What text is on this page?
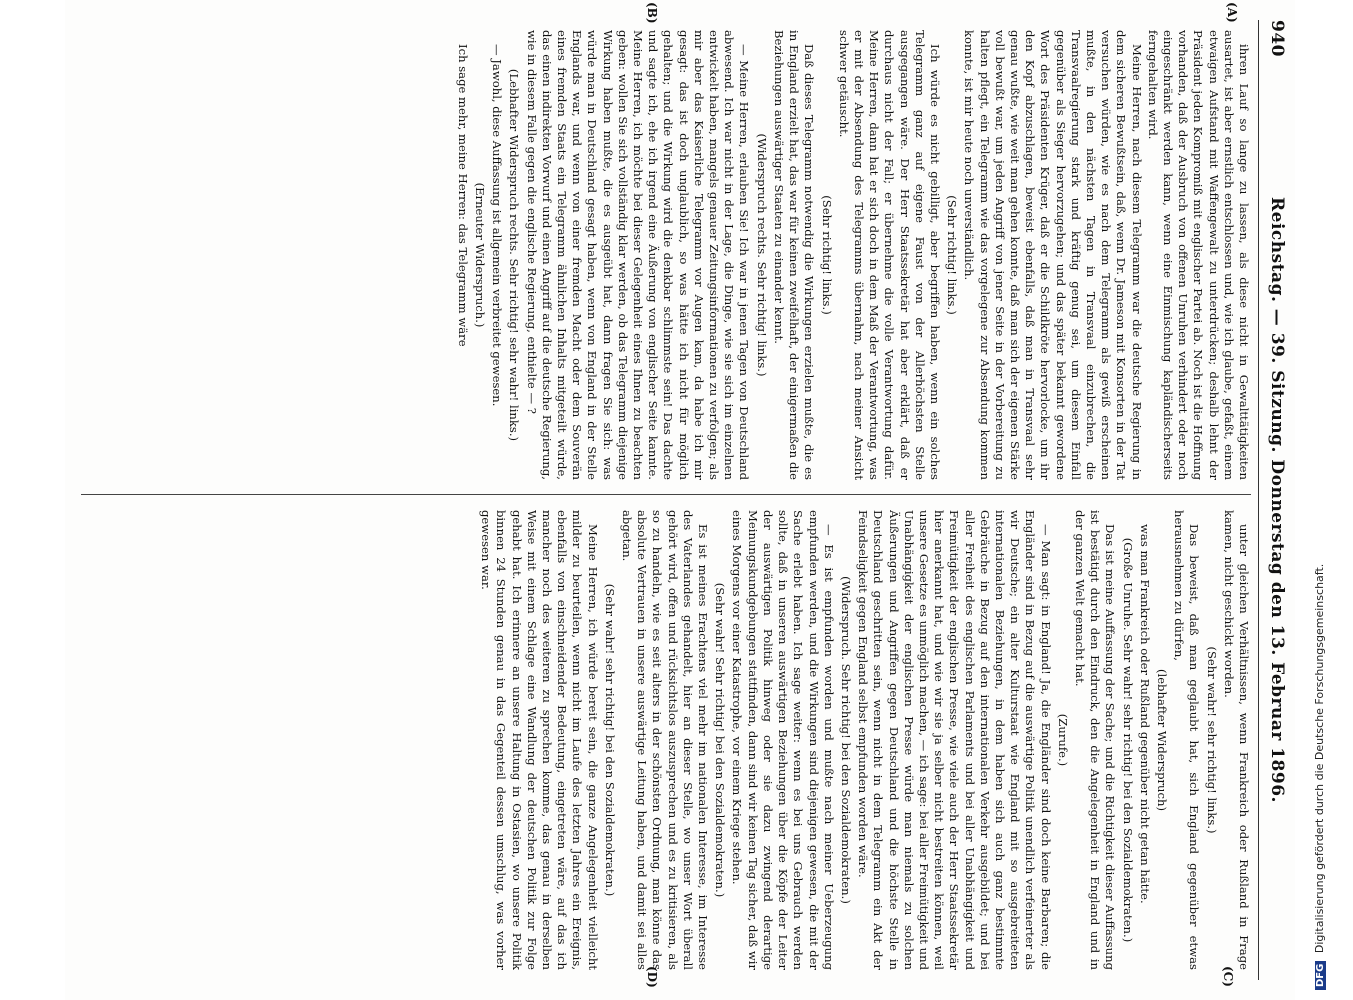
940
Reichstag. — 39. Sitzung. Donnerstag den 13. Februar 1896.
(A)
(B)
(C)
(D)

ihren Lauf so lange zu lassen, als diese nicht in Gewalttätigkeiten ausartet, ist aber ernstlich entschlossen und, wie ich glaube, gefaßt, einem etwaigen Aufstand mit Waffengewalt zu unterdrücken; deshalb lehnt der Präsident jeden Kompromiß mit englischer Partei ab. Noch ist die Hoffnung vorhanden, daß der Ausbruch von offenen Unruhen verhindert oder noch eingeschränkt werden kann, wenn eine Einmischung kapländischerseits ferngehalten wird.

Meine Herren, nach diesem Telegramm war die deutsche Regierung in dem sicheren Bewußtsein, daß, wenn Dr. Jameson mit Konsorten in der Tat versuchen würden, wie es nach dem Telegramm als gewiß erscheinen mußte, in den nächsten Tagen in Transvaal einzubrechen, die Transvaalregierung stark und kräftig genug sei, um diesem Einfall gegenüber als Sieger hervorzugehen; und das später bekannt gewordene Wort des Präsidenten Krüger, daß er die Schildkröte hervorlocke, um ihr den Kopf abzuschlagen, beweist ebenfalls, daß man in Transvaal sehr genau wußte, wie weit man gehen konnte, daß man sich der eigenen Stärke voll bewußt war, um jeden Angriff von jener Seite in der Vorbereitung zu halten pflegt, ein Telegramm wie das vorgelegene zur Absendung kommen konnte, ist mir heute noch unverständlich.

(Sehr richtig! links.)

Ich würde es nicht gebilligt, aber begriffen haben, wenn ein solches Telegramm ganz auf eigene Faust von der Allerhöchsten Stelle ausgegangen wäre. Der Herr Staatssekretär hat aber erklärt, daß er durchaus nicht der Fall; er übernehme die volle Verantwortung dafür. Meine Herren, dann hat er sich doch in dem Maß der Verantwortung, was er mit der Absendung des Telegramms übernahm, nach meiner Ansicht schwer getäuscht.

(Sehr richtig! links.)

Daß dieses Telegramm notwendig die Wirkungen erzielen mußte, die es in England erzielt hat, das war für keinen zweifelhaft, der einigermaßen die Beziehungen auswärtiger Staaten zu einander kennt.

(Widerspruch rechts. Sehr richtig! links.)

— Meine Herren, erlauben Sie! Ich war in jenen Tagen von Deutschland abwesend. Ich war nicht in der Lage, die Dinge, wie sie sich im einzelnen entwickelt haben, mangels genauer Zeitungsinformationen zu verfolgen; als mir aber das Kaiserliche Telegramm vor Augen kam, da habe ich mir gesagt: das ist doch unglaublich, so was hätte ich nicht für möglich gehalten; und die Wirkung wird die denkbar schlimmste sein! Das dachte und sagte ich, ehe ich irgend eine Äußerung von englischer Seite kannte. Meine Herren, ich möchte bei dieser Gelegenheit eines Ihnen zu beachten geben: wollen Sie sich vollständig klar werden, ob das Telegramm diejenige Wirkung haben mußte, die es ausgeübt hat, dann fragen Sie sich: was würde man in Deutschland gesagt haben, wenn von England in der Stelle Englands war, und wenn von einer fremden Macht oder dem Souverän eines fremden Staats ein Telegramm ähnlichen Inhalts mitgeteilt würde, das einen indirekten Vorwurf und einen Angriff auf die deutsche Regierung, wie in diesem Falle gegen die englische Regierung, enthielte — ?

(Lebhafter Widerspruch rechts. Sehr richtig! sehr wahr! links.)

— Jawohl, diese Auffassung ist allgemein verbreitet gewesen.

(Erneuter Widerspruch.)

Ich sage mehr, meine Herren: das Telegramm wäre

unter gleichen Verhältnissen, wenn Frankreich oder Rußland in Frage kamen, nicht geschickt worden.

(Sehr wahr! sehr richtig! links.)

Das beweist, daß man geglaubt hat, sich England gegenüber etwas herausnehmen zu dürfen,

(lebhafter Widerspruch)

was man Frankreich oder Rußland gegenüber nicht getan hätte.

(Große Unruhe. Sehr wahr! sehr richtig! bei den Sozialdemokraten.)

Das ist meine Auffassung der Sache; und die Richtigkeit dieser Auffassung ist bestätigt durch den Eindruck, den die Angelegenheit in England und in der ganzen Welt gemacht hat.

(Zurufe.)

— Man sagt: in England! Ja, die Engländer sind doch keine Barbaren; die Engländer sind in Bezug auf die auswärtige Politik unendlich verfeinerter als wir Deutsche; ein alter Kulturstaat wie England mit so ausgebreiteten internationalen Beziehungen, in dem haben sich auch ganz bestimmte Gebräuche in Bezug auf den internationalen Verkehr ausgebildet; und bei aller Freiheit des englischen Parlaments und bei aller Unabhängigkeit und Freimütigkeit der englischen Presse, wie viele auch der Herr Staatssekretär hier anerkannt hat, und wie wir sie ja selber nicht bestreiten können, weil unsere Gesetze es unmöglich machen, — ich sage: bei aller Freimütigkeit und Unabhängigkeit der englischen Presse würde man niemals zu solchen Äußerungen und Angriffen gegen Deutschland und die höchste Stelle in Deutschland geschritten sein, wenn nicht in dem Telegramm ein Akt der Feindseligkeit gegen England selbst empfunden worden wäre.

(Widerspruch. Sehr richtig! bei den Sozialdemokraten.)

— Es ist empfunden worden und mußte nach meiner Ueberzeugung empfunden werden, und die Wirkungen sind diejenigen gewesen, die mit der Sache erlebt haben. Ich sage weiter: wenn es bei uns Gebrauch werden sollte, daß in unseren auswärtigen Beziehungen über die Köpfe der Leiter der auswärtigen Politik hinweg oder sie dazu zwingend derartige Meinungskundgebungen stattfinden, dann sind wir keinen Tag sicher, daß wir eines Morgens vor einer Katastrophe, vor einem Kriege stehen.

(Sehr wahr! Sehr richtig! bei den Sozialdemokraten.)

Es ist meines Erachtens viel mehr im nationalen Interesse, im Interesse des Vaterlandes gehandelt, hier an dieser Stelle, wo unser Wort überall gehört wird, offen und rücksichtslos auszusprechen und es zu kritisieren, als so zu handeln, wie es seit alters in der schönsten Ordnung, man könne das absolute Vertrauen in unsere auswärtige Leitung haben, und damit sei alles abgetan.

(Sehr wahr! sehr richtig! bei den Sozialdemokraten.)

Meine Herren, ich würde bereit sein, die ganze Angelegenheit vielleicht milder zu beurteilen, wenn nicht im Laufe des letzten Jahres ein Ereignis, ebenfalls von einschneidender Bedeutung, eingetreten wäre, auf das ich mancher noch des weiteren zu sprechen komme, das genau in derselben Weise mit einem Schlage eine Wandlung der deutschen Politik zur Folge gehabt hat. Ich erinnere an unsere Haltung in Ostasien, wo unsere Politik binnen 24 Stunden genau in das Gegenteil dessen umschlug, was vorher gewesen war.

DFG Digitalisierung gefördert durch die Deutsche Forschungsgemeinschaft.
